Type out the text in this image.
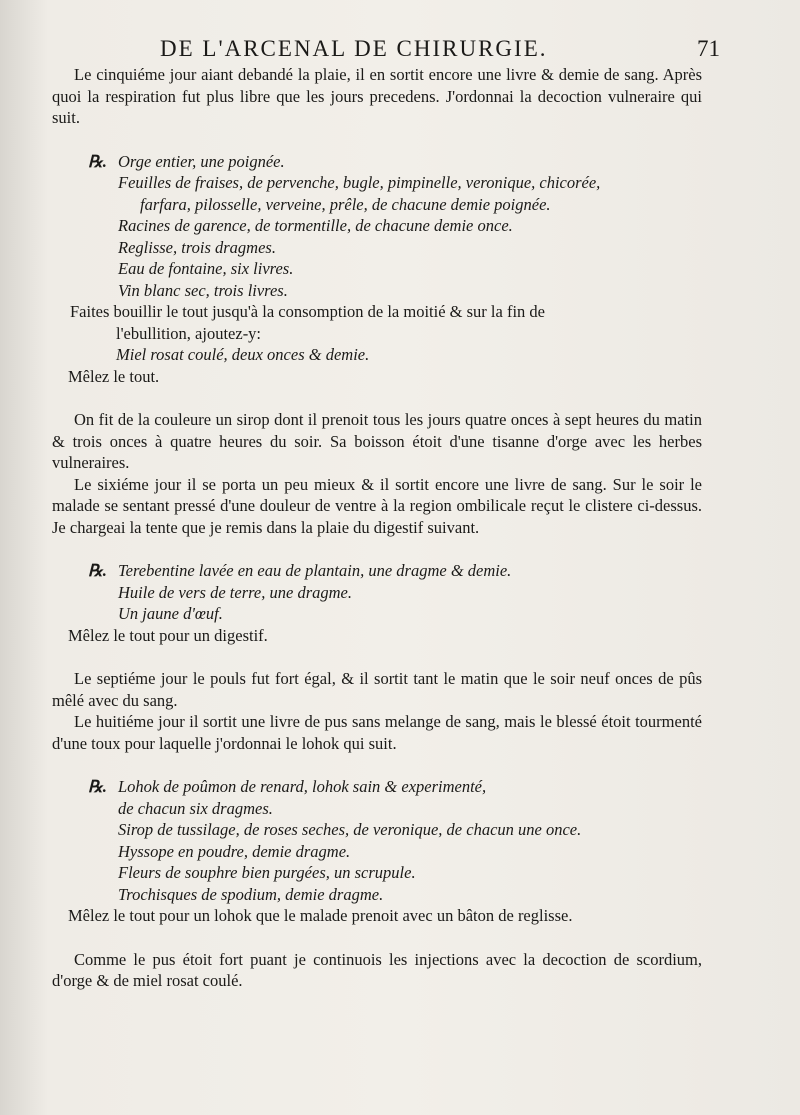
DE L'ARCENAL DE CHIRURGIE.	71

Le cinquiéme jour aiant debandé la plaie, il en sortit encore une livre & demie de sang. Après quoi la respiration fut plus libre que les jours precedens. J'ordonnai la decoction vulneraire qui suit.

℞. Orge entier, une poignée.
Feuilles de fraises, de pervenche, bugle, pimpinelle, veronique, chicorée,
farfara, pilosselle, verveine, prêle, de chacune demie poignée.
Racines de garence, de tormentille, de chacune demie once.
Reglisse, trois dragmes.
Eau de fontaine, six livres.
Vin blanc sec, trois livres.
Faites bouillir le tout jusqu'à la consomption de la moitié & sur la fin de
l'ebullition, ajoutez-y:
Miel rosat coulé, deux onces & demie.

Mêlez le tout.

On fit de la couleure un sirop dont il prenoit tous les jours quatre onces à sept heures du matin & trois onces à quatre heures du soir. Sa boisson étoit d'une tisanne d'orge avec les herbes vulneraires.

Le sixiéme jour il se porta un peu mieux & il sortit encore une livre de sang. Sur le soir le malade se sentant pressé d'une douleur de ventre à la region ombilicale reçut le clistere ci-dessus. Je chargeai la tente que je remis dans la plaie du digestif suivant.

℞. Terebentine lavée en eau de plantain, une dragme & demie.
Huile de vers de terre, une dragme.
Un jaune d'œuf.

Mêlez le tout pour un digestif.

Le septiéme jour le pouls fut fort égal, & il sortit tant le matin que le soir neuf onces de pûs mêlé avec du sang.

Le huitiéme jour il sortit une livre de pus sans melange de sang, mais le blessé étoit tourmenté d'une toux pour laquelle j'ordonnai le lohok qui suit.

℞. Lohok de poûmon de renard, lohok sain & experimenté,
de chacun six dragmes.
Sirop de tussilage, de roses seches, de veronique, de chacun une once.
Hyssope en poudre, demie dragme.
Fleurs de souphre bien purgées, un scrupule.
Trochisques de spodium, demie dragme.

Mêlez le tout pour un lohok que le malade prenoit avec un bâton de reglisse.

Comme le pus étoit fort puant je continuois les injections avec la decoction de scordium, d'orge & de miel rosat coulé.
